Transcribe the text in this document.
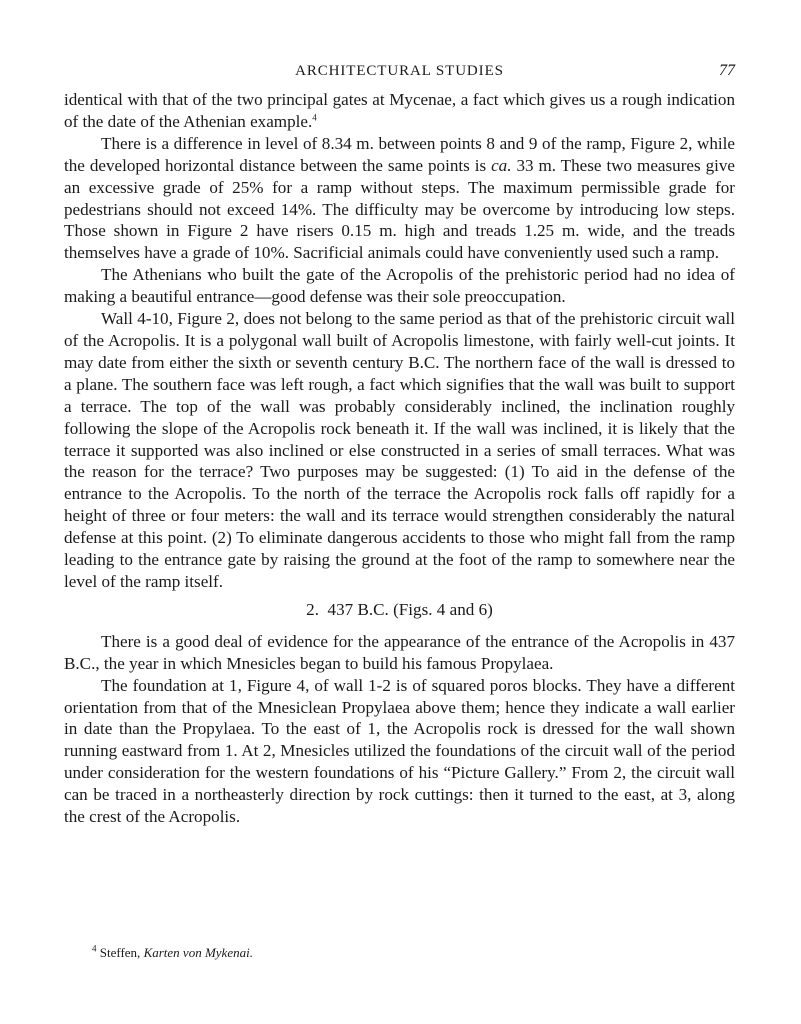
ARCHITECTURAL STUDIES	77

identical with that of the two principal gates at Mycenae, a fact which gives us a rough indication of the date of the Athenian example.$^4$

There is a difference in level of 8.34 m. between points 8 and 9 of the ramp, Figure 2, while the developed horizontal distance between the same points is ca. 33 m. These two measures give an excessive grade of 25% for a ramp without steps. The maximum permissible grade for pedestrians should not exceed 14%. The difficulty may be overcome by introducing low steps. Those shown in Figure 2 have risers 0.15 m. high and treads 1.25 m. wide, and the treads themselves have a grade of 10%. Sacrificial animals could have conveniently used such a ramp.

The Athenians who built the gate of the Acropolis of the prehistoric period had no idea of making a beautiful entrance—good defense was their sole preoccupation.

Wall 4-10, Figure 2, does not belong to the same period as that of the prehistoric circuit wall of the Acropolis. It is a polygonal wall built of Acropolis limestone, with fairly well-cut joints. It may date from either the sixth or seventh century B.C. The northern face of the wall is dressed to a plane. The southern face was left rough, a fact which signifies that the wall was built to support a terrace. The top of the wall was probably considerably inclined, the inclination roughly following the slope of the Acropolis rock beneath it. If the wall was inclined, it is likely that the terrace it supported was also inclined or else constructed in a series of small terraces. What was the reason for the terrace? Two purposes may be suggested: (1) To aid in the defense of the entrance to the Acropolis. To the north of the terrace the Acropolis rock falls off rapidly for a height of three or four meters: the wall and its terrace would strengthen considerably the natural defense at this point. (2) To eliminate dangerous accidents to those who might fall from the ramp leading to the entrance gate by raising the ground at the foot of the ramp to somewhere near the level of the ramp itself.

2. 437 B.C. (Figs. 4 and 6)

There is a good deal of evidence for the appearance of the entrance of the Acropolis in 437 B.C., the year in which Mnesicles began to build his famous Propylaea.

The foundation at 1, Figure 4, of wall 1-2 is of squared poros blocks. They have a different orientation from that of the Mnesiclean Propylaea above them; hence they indicate a wall earlier in date than the Propylaea. To the east of 1, the Acropolis rock is dressed for the wall shown running eastward from 1. At 2, Mnesicles utilized the foundations of the circuit wall of the period under consideration for the western foundations of his “Picture Gallery.” From 2, the circuit wall can be traced in a northeasterly direction by rock cuttings: then it turned to the east, at 3, along the crest of the Acropolis.

$^4$ Steffen, Karten von Mykenai.
